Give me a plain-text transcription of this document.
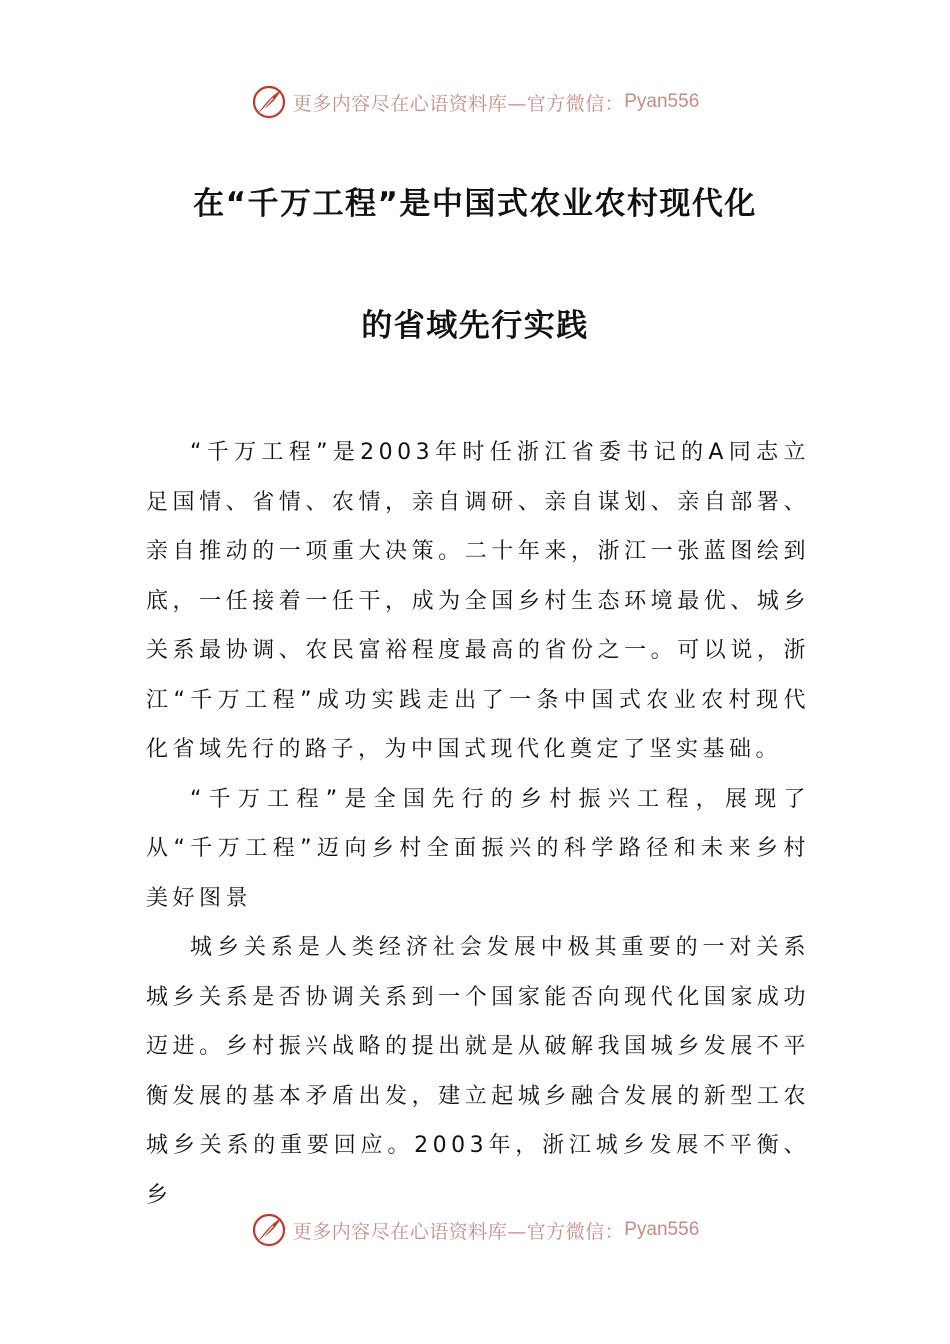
更多内容尽在心语资料库—官方微信： Pyan556
在“千万工程”是中国式农业农村现代化
的省域先行实践

“千万工程”是2003年时任浙江省委书记的A同志立足国情、省情、农情，亲自调研、亲自谋划、亲自部署、亲自推动的一项重大决策。二十年来，浙江一张蓝图绘到底，一任接着一任干，成为全国乡村生态环境最优、城乡关系最协调、农民富裕程度最高的省份之一。可以说，浙江“千万工程”成功实践走出了一条中国式农业农村现代化省域先行的路子，为中国式现代化奠定了坚实基础。

“千万工程”是全国先行的乡村振兴工程，展现了从“千万工程”迈向乡村全面振兴的科学路径和未来乡村美好图景

城乡关系是人类经济社会发展中极其重要的一对关系城乡关系是否协调关系到一个国家能否向现代化国家成功迈进。乡村振兴战略的提出就是从破解我国城乡发展不平衡发展的基本矛盾出发，建立起城乡融合发展的新型工农城乡关系的重要回应。2003年，浙江城乡发展不平衡、乡

更多内容尽在心语资料库—官方微信： Pyan556
